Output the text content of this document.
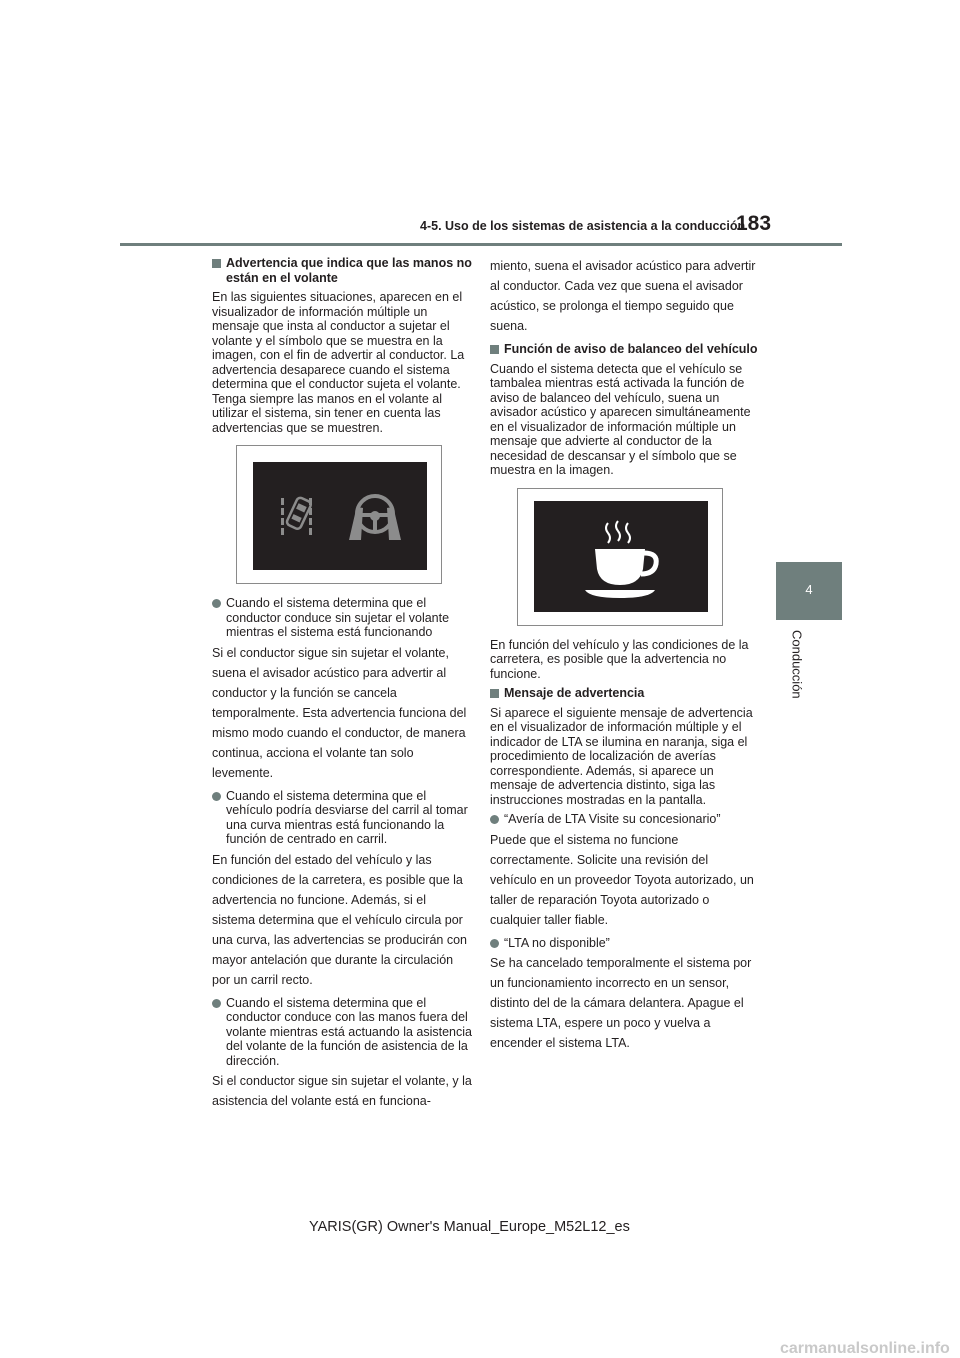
4-5. Uso de los sistemas de asistencia a la conducción
183
4
Conducción
Advertencia que indica que las manos no están en el volante

En las siguientes situaciones, aparecen en el visualizador de información múltiple un mensaje que insta al conductor a sujetar el volante y el símbolo que se muestra en la imagen, con el fin de advertir al conductor. La advertencia desaparece cuando el sistema determina que el conductor sujeta el volante. Tenga siempre las manos en el volante al utilizar el sistema, sin tener en cuenta las advertencias que se muestren.

Cuando el sistema determina que el conductor conduce sin sujetar el volante mientras el sistema está funcionando

Si el conductor sigue sin sujetar el volante, suena el avisador acústico para advertir al conductor y la función se cancela temporalmente. Esta advertencia funciona del mismo modo cuando el conductor, de manera continua, acciona el volante tan solo levemente.

Cuando el sistema determina que el vehículo podría desviarse del carril al tomar una curva mientras está funcionando la función de centrado en carril.

En función del estado del vehículo y las condiciones de la carretera, es posible que la advertencia no funcione. Además, si el sistema determina que el vehículo circula por una curva, las advertencias se producirán con mayor antelación que durante la circulación por un carril recto.

Cuando el sistema determina que el conductor conduce con las manos fuera del volante mientras está actuando la asistencia del volante de la función de asistencia de la dirección.

Si el conductor sigue sin sujetar el volante, y la asistencia del volante está en funciona-

miento, suena el avisador acústico para advertir al conductor. Cada vez que suena el avisador acústico, se prolonga el tiempo seguido que suena.

Función de aviso de balanceo del vehículo

Cuando el sistema detecta que el vehículo se tambalea mientras está activada la función de aviso de balanceo del vehículo, suena un avisador acústico y aparecen simultáneamente en el visualizador de información múltiple un mensaje que advierte al conductor de la necesidad de descansar y el símbolo que se muestra en la imagen.

En función del vehículo y las condiciones de la carretera, es posible que la advertencia no funcione.

Mensaje de advertencia

Si aparece el siguiente mensaje de advertencia en el visualizador de información múltiple y el indicador de LTA se ilumina en naranja, siga el procedimiento de localización de averías correspondiente. Además, si aparece un mensaje de advertencia distinto, siga las instrucciones mostradas en la pantalla.

“Avería de LTA Visite su concesionario”

Puede que el sistema no funcione correctamente. Solicite una revisión del vehículo en un proveedor Toyota autorizado, un taller de reparación Toyota autorizado o cualquier taller fiable.

“LTA no disponible”

Se ha cancelado temporalmente el sistema por un funcionamiento incorrecto en un sensor, distinto del de la cámara delantera. Apague el sistema LTA, espere un poco y vuelva a encender el sistema LTA.

YARIS(GR) Owner's Manual_Europe_M52L12_es
carmanualsonline.info
